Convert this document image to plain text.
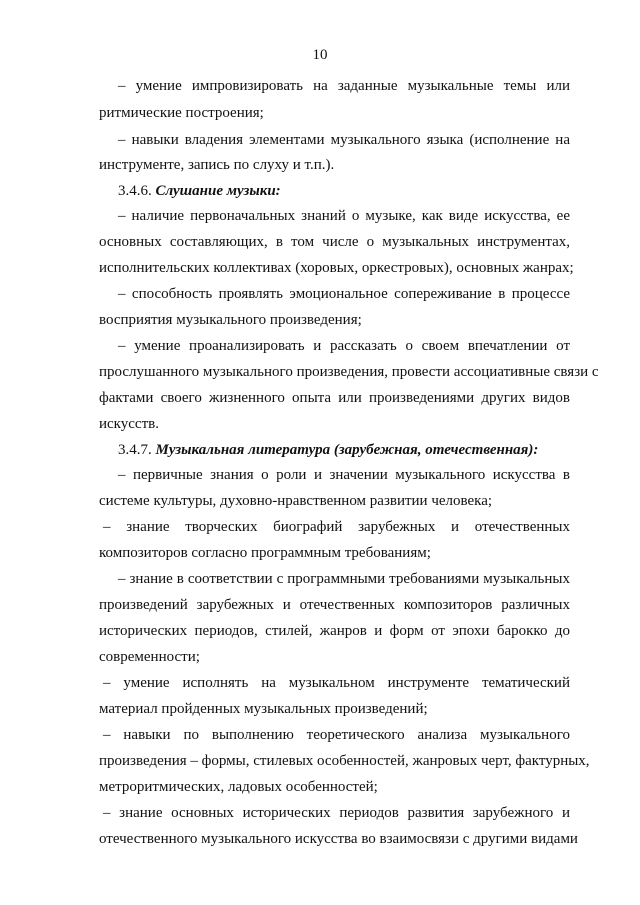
10
– умение импровизировать на заданные музыкальные темы или
ритмические построения;
– навыки владения элементами музыкального языка (исполнение на
инструменте, запись по слуху и т.п.).
3.4.6. Слушание музыки:
– наличие первоначальных знаний о музыке, как виде искусства, ее
основных составляющих, в том числе о музыкальных инструментах,
исполнительских коллективах (хоровых, оркестровых), основных жанрах;
– способность проявлять эмоциональное сопереживание в процессе
восприятия музыкального произведения;
– умение проанализировать и рассказать о своем впечатлении от
прослушанного музыкального произведения, провести ассоциативные связи с
фактами своего жизненного опыта или произведениями других видов
искусств.
3.4.7. Музыкальная литература (зарубежная, отечественная):
– первичные знания о роли и значении музыкального искусства в
системе культуры, духовно-нравственном развитии человека;
– знание творческих биографий зарубежных и отечественных
композиторов согласно программным требованиям;
– знание в соответствии с программными требованиями музыкальных
произведений зарубежных и отечественных композиторов различных
исторических периодов, стилей, жанров и форм от эпохи барокко до
современности;
– умение исполнять на музыкальном инструменте тематический
материал пройденных музыкальных произведений;
– навыки по выполнению теоретического анализа музыкального
произведения – формы, стилевых особенностей, жанровых черт, фактурных,
метроритмических, ладовых особенностей;
– знание основных исторических периодов развития зарубежного и
отечественного музыкального искусства во взаимосвязи с другими видами
